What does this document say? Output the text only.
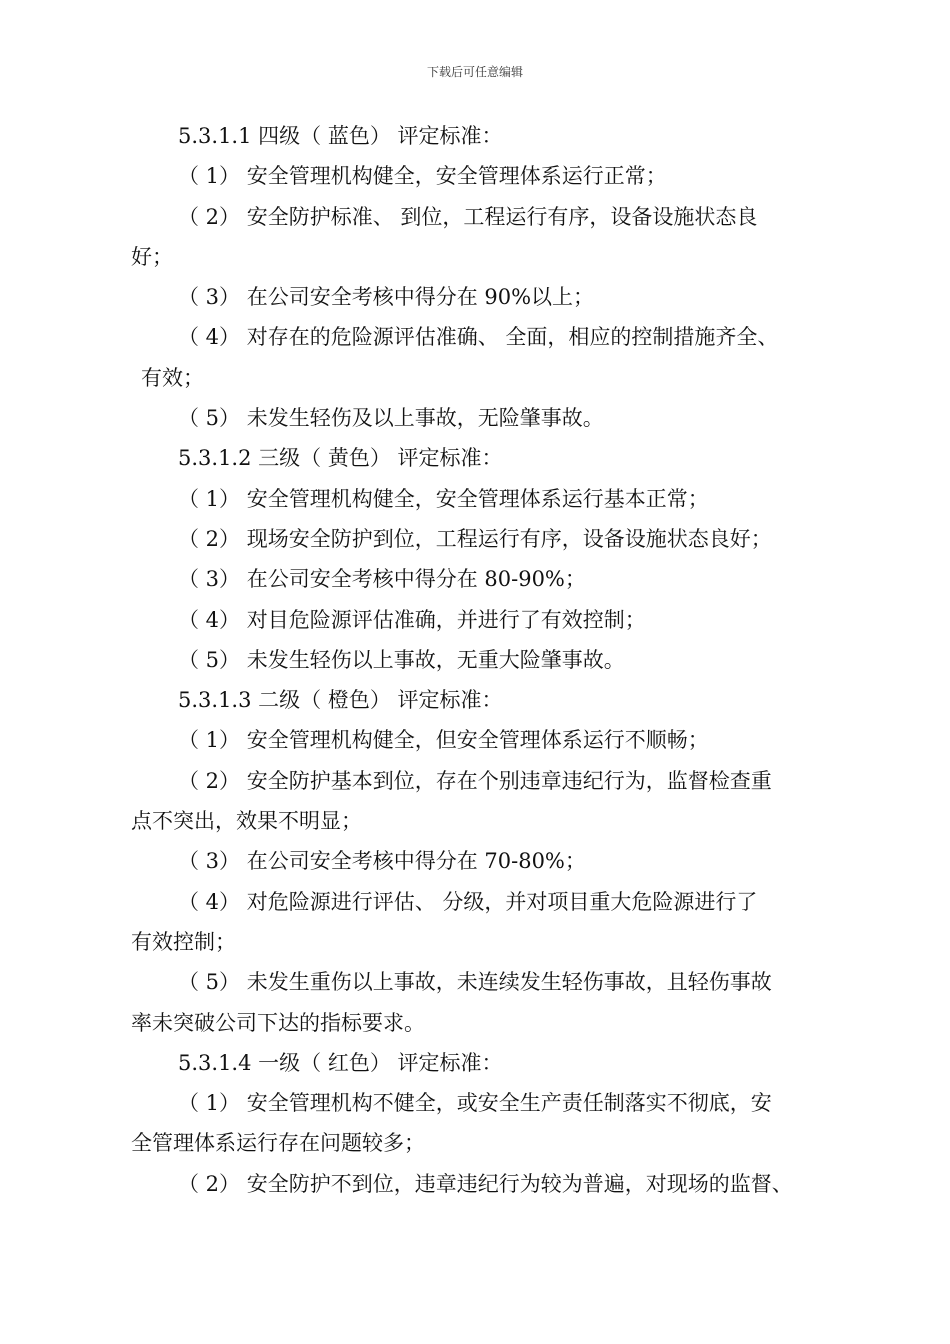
下载后可任意编辑
5.3.1.1 四级（ 蓝色） 评定标准：
（ 1） 安全管理机构健全，安全管理体系运行正常；
（ 2） 安全防护标准、 到位，工程运行有序，设备设施状态良
好；
（ 3） 在公司安全考核中得分在 90%以上；
（ 4） 对存在的危险源评估准确、 全面，相应的控制措施齐全、
有效；
（ 5） 未发生轻伤及以上事故，无险肇事故。
5.3.1.2 三级（ 黄色） 评定标准：
（ 1） 安全管理机构健全，安全管理体系运行基本正常；
（ 2） 现场安全防护到位，工程运行有序，设备设施状态良好；
（ 3） 在公司安全考核中得分在 80-90%；
（ 4） 对目危险源评估准确，并进行了有效控制；
（ 5） 未发生轻伤以上事故，无重大险肇事故。
5.3.1.3 二级（ 橙色） 评定标准：
（ 1） 安全管理机构健全，但安全管理体系运行不顺畅；
（ 2） 安全防护基本到位，存在个别违章违纪行为，监督检查重
点不突出，效果不明显；
（ 3） 在公司安全考核中得分在 70-80%；
（ 4） 对危险源进行评估、 分级，并对项目重大危险源进行了
有效控制；
（ 5） 未发生重伤以上事故，未连续发生轻伤事故，且轻伤事故
率未突破公司下达的指标要求。
5.3.1.4 一级（ 红色） 评定标准：
（ 1） 安全管理机构不健全，或安全生产责任制落实不彻底，安
全管理体系运行存在问题较多；
（ 2） 安全防护不到位，违章违纪行为较为普遍，对现场的监督、
